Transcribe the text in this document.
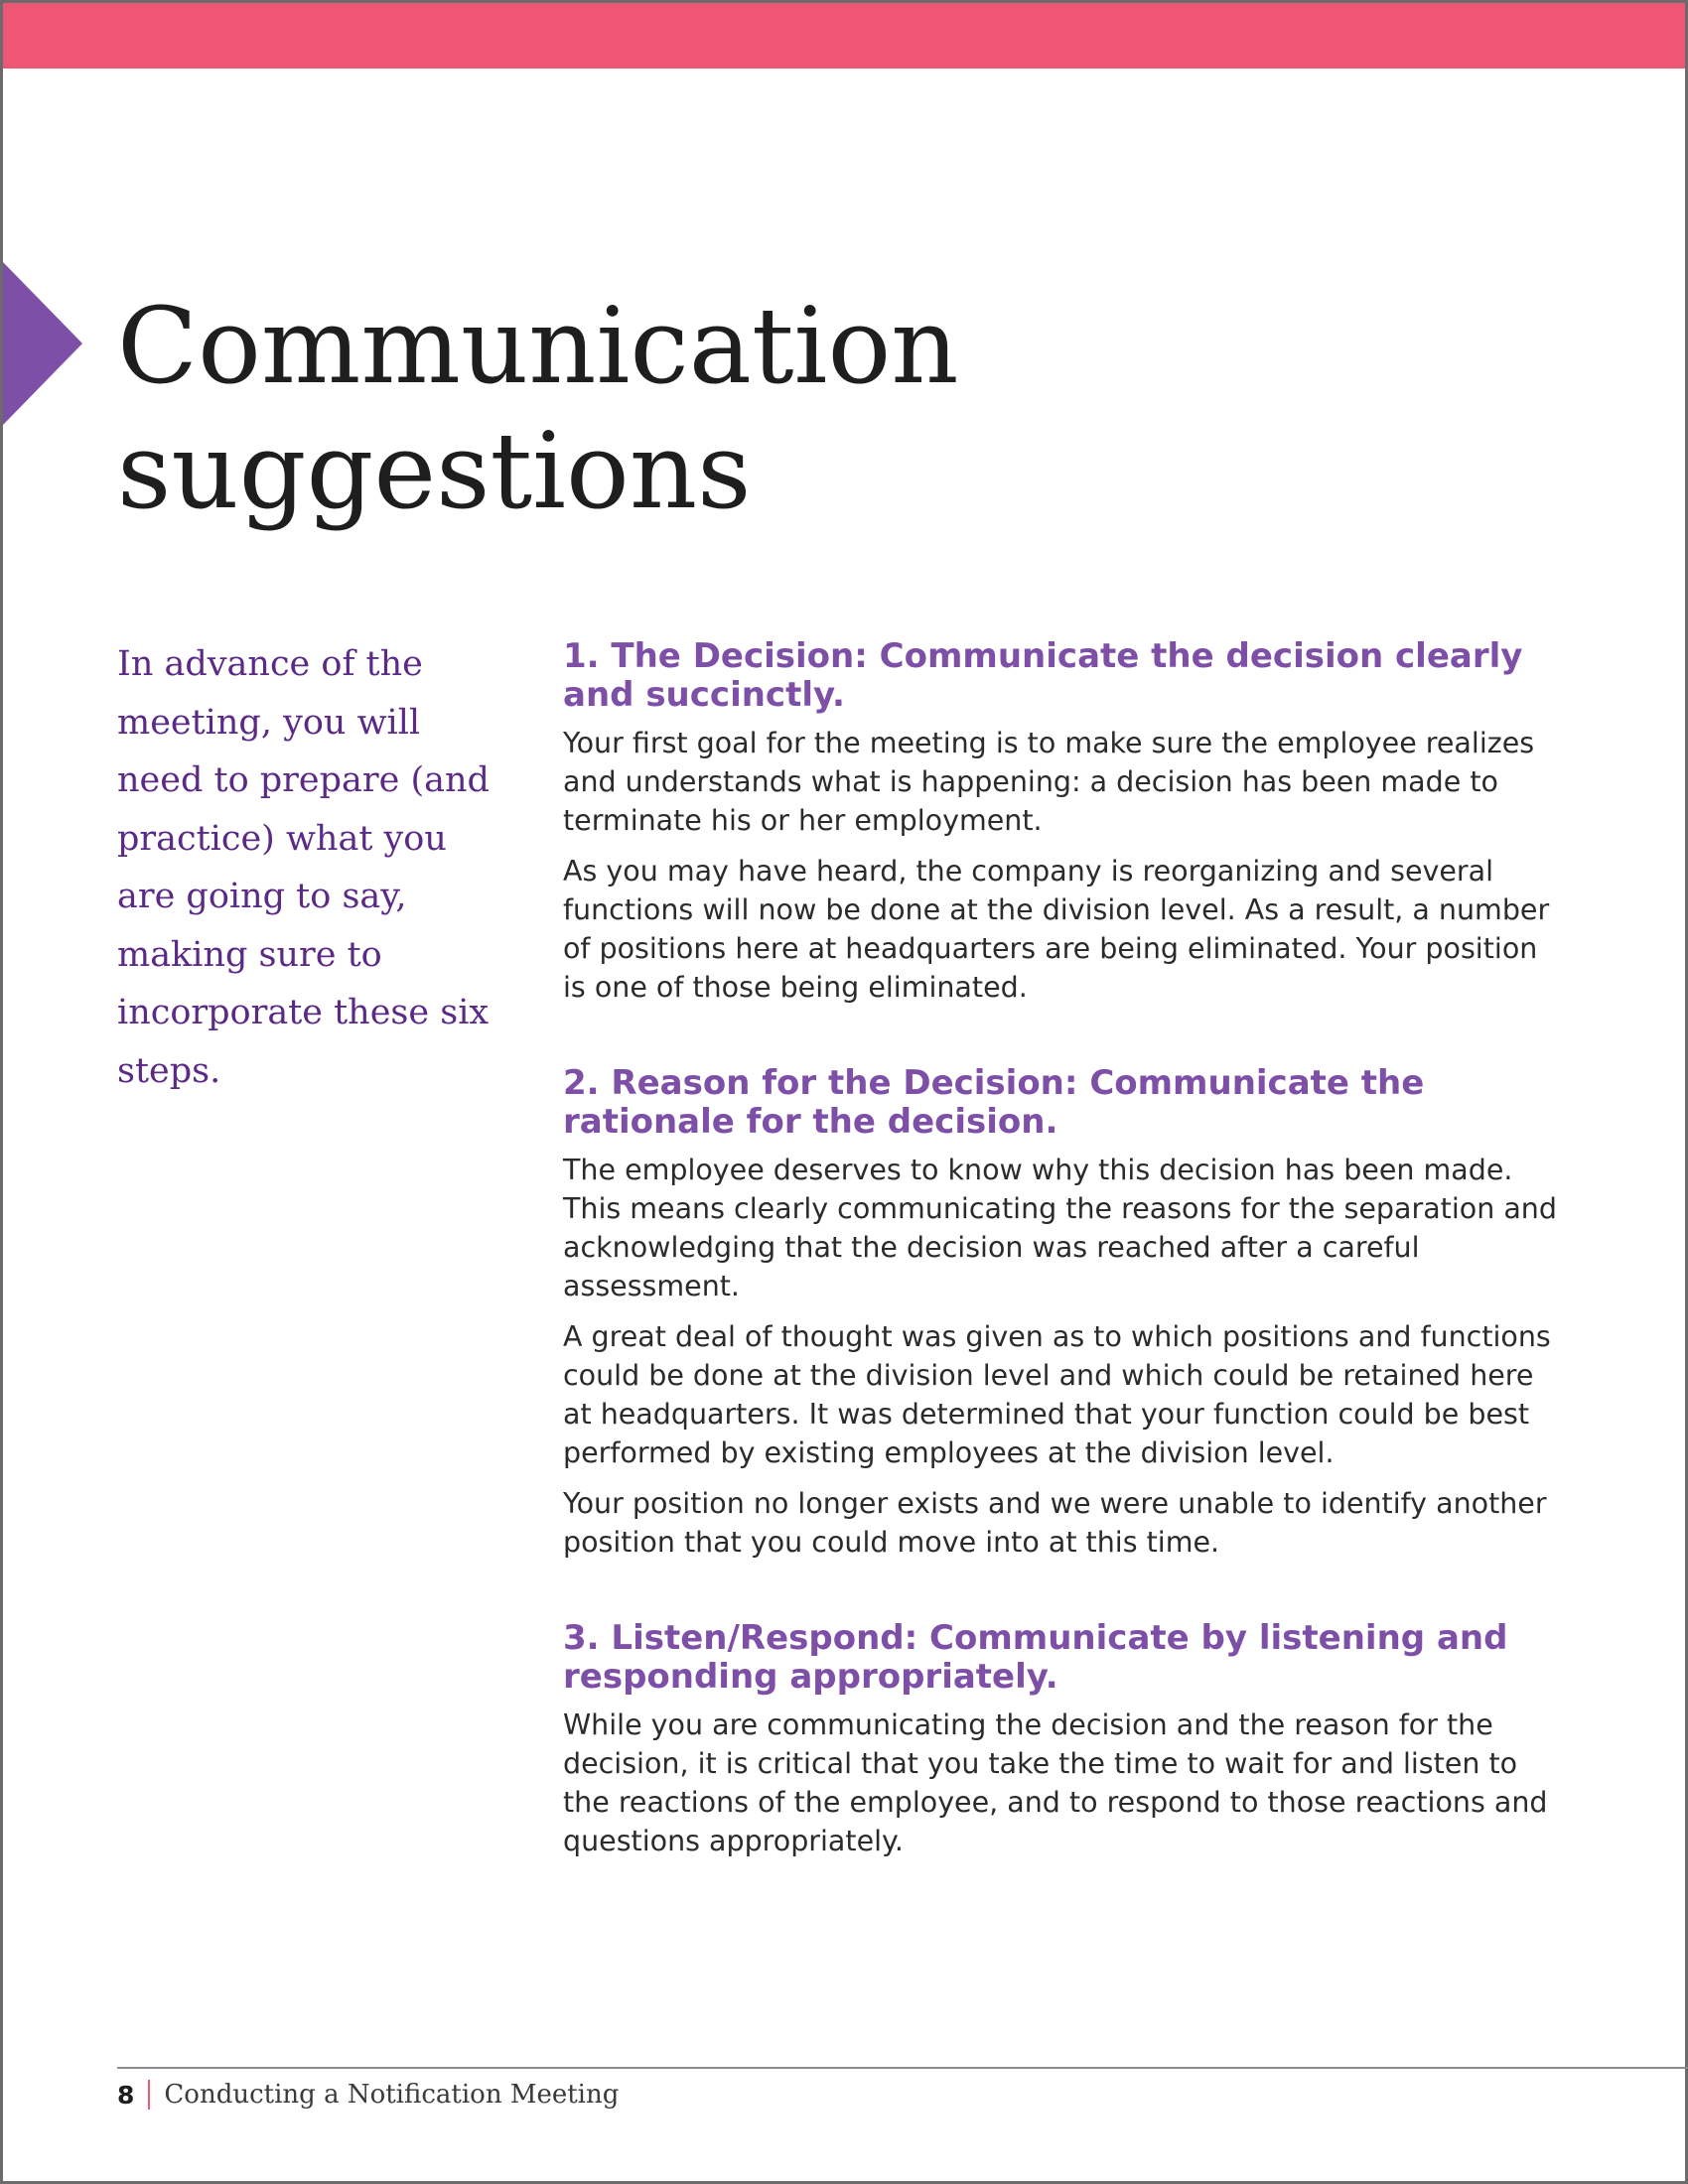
Communication
suggestions

In advance of the meeting, you will need to prepare (and practice) what you are going to say, making sure to incorporate these six steps.

1. The Decision: Communicate the decision clearly and succinctly.

Your first goal for the meeting is to make sure the employee realizes and understands what is happening: a decision has been made to terminate his or her employment.

As you may have heard, the company is reorganizing and several functions will now be done at the division level. As a result, a number of positions here at headquarters are being eliminated. Your position is one of those being eliminated.

2. Reason for the Decision: Communicate the rationale for the decision.

The employee deserves to know why this decision has been made. This means clearly communicating the reasons for the separation and acknowledging that the decision was reached after a careful assessment.

A great deal of thought was given as to which positions and functions could be done at the division level and which could be retained here at headquarters. It was determined that your function could be best performed by existing employees at the division level.

Your position no longer exists and we were unable to identify another position that you could move into at this time.

3. Listen/Respond: Communicate by listening and responding appropriately.

While you are communicating the decision and the reason for the decision, it is critical that you take the time to wait for and listen to the reactions of the employee, and to respond to those reactions and questions appropriately.

8 Conducting a Notification Meeting
